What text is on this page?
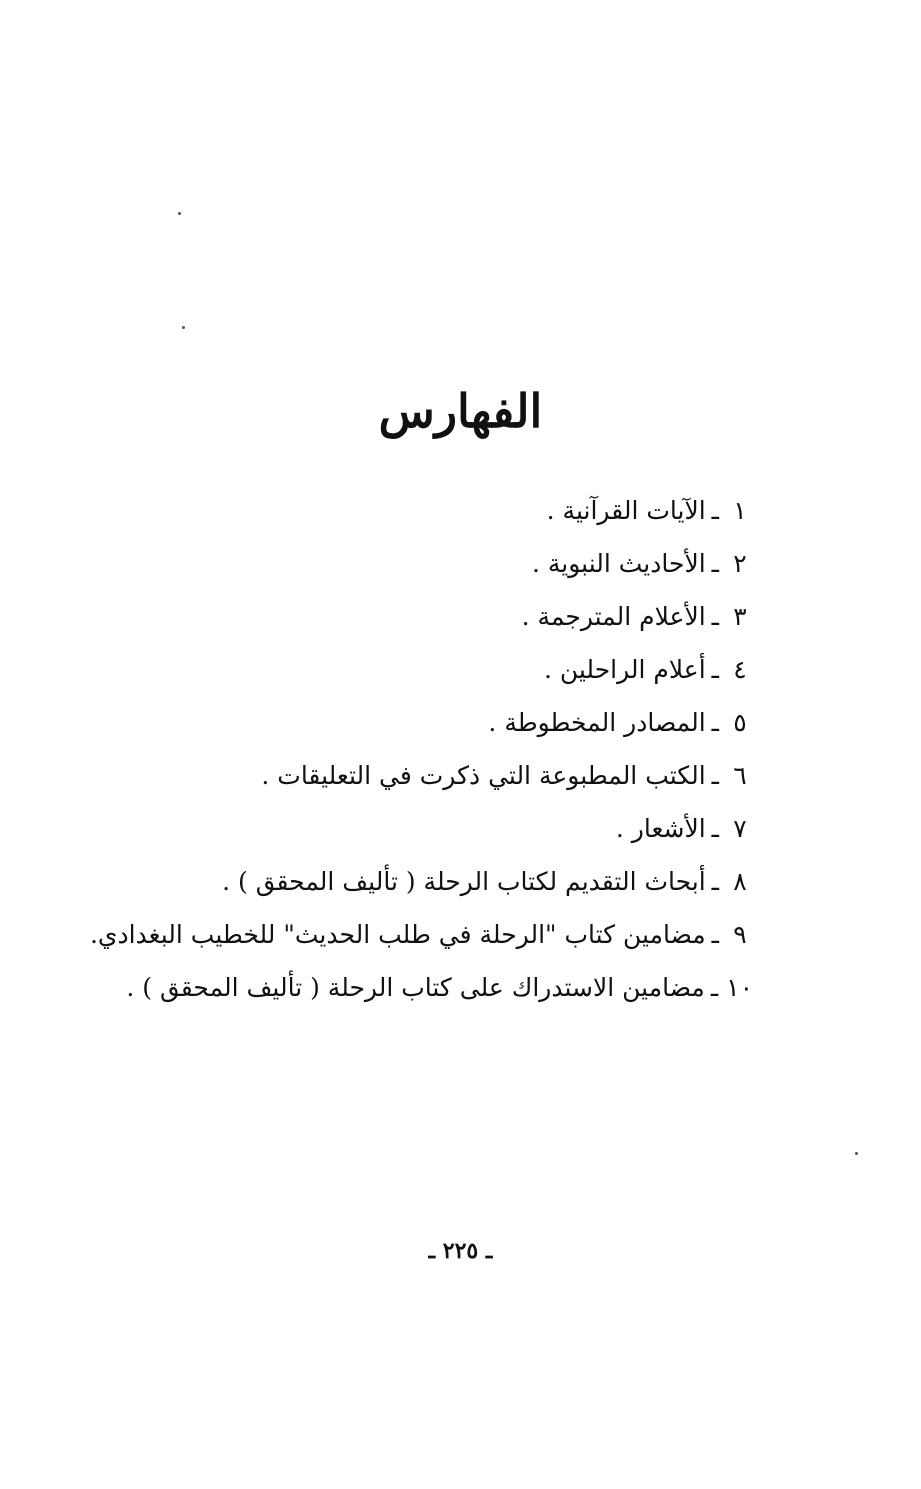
الفهارس
١ـالآيات القرآنية .
٢ـالأحاديث النبوية .
٣ـالأعلام المترجمة .
٤ـأعلام الراحلين .
٥ـالمصادر المخطوطة .
٦ـالكتب المطبوعة التي ذكرت في التعليقات .
٧ـالأشعار .
٨ـأبحاث التقديم لكتاب الرحلة ( تأليف المحقق ) .
٩ـمضامين كتاب "الرحلة في طلب الحديث" للخطيب البغدادي.
١٠ـمضامين الاستدراك على كتاب الرحلة ( تأليف المحقق ) .
ـ ٢٢٥ ـ
